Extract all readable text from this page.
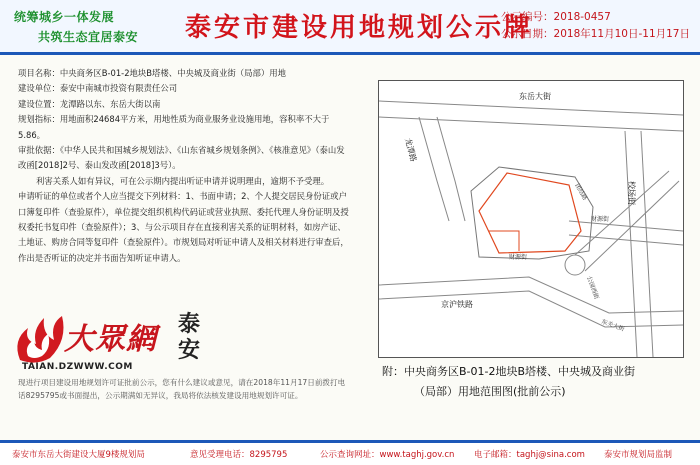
统筹城乡一体发展
共筑生态宜居泰安 泰安市建设用地规划公示牌
公示编号：2018-0457
公示日期：2018年11月10日-11月17日

项目名称：中央商务区B-01-2地块B塔楼、中央城及商业街（局部）用地

建设单位：泰安中南城市投资有限责任公司

建设位置：龙潭路以东、东岳大街以南

规划指标：用地面积24684平方米，用地性质为商业服务业设施用地，容积率不大于5.86。

审批依据：《中华人民共和国城乡规划法》、《山东省城乡规划条例》、《核准意见》（泰山发改函[2018]2号、泰山发改函[2018]3号）。

利害关系人如有异议，可在公示期内提出听证申请并说明理由，逾期不予受理。

申请听证的单位或者个人应当提交下列材料：1、书面申请；2、个人提交居民身份证或户口簿复印件（查验原件），单位提交组织机构代码证或营业执照、委托代理人身份证明及授权委托书复印件（查验原件）；3、与公示项目存在直接利害关系的证明材料，如房产证、土地证、购房合同等复印件（查验原件）。市规划局对听证申请人及相关材料进行审查后，作出是否听证的决定并书面告知听证申请人。

大眾網
TAIAN.DZWWW.COM
泰安
现进行项目建设用地规划许可证批前公示，您有什么建议或意见，请在2018年11月17日前拨打电话8295795或书面提出，公示期满如无异议，我局将依法核发建设用地规划许可证。
东岳大街
龙潭路
校场街
京沪铁路
财源街
财源街
团结路
公园西街
东关大街
附：中央商务区B-01-2地块B塔楼、中央城及商业街
（局部）用地范围图(批前公示)
泰安市东岳大街建设大厦9楼规划局	意见受理电话：8295795	公示查询网址：www.taghj.gov.cn 电子邮箱：taghj@sina.com 泰安市规划局监制
